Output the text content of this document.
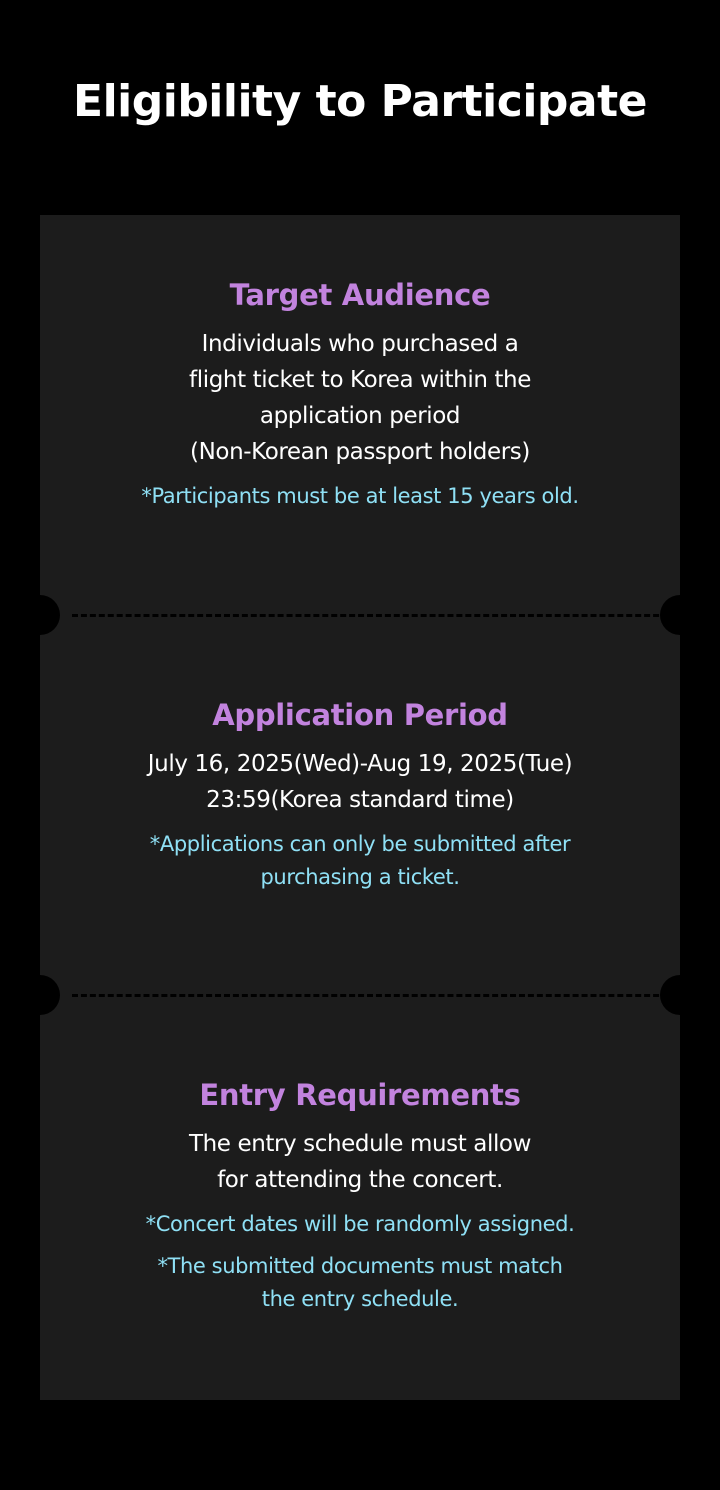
Eligibility to Participate
Target Audience
Individuals who purchased a
flight ticket to Korea within the
application period
(Non-Korean passport holders)
*Participants must be at least 15 years old.
Application Period
July 16, 2025(Wed)-Aug 19, 2025(Tue)
23:59(Korea standard time)
*Applications can only be submitted after
purchasing a ticket.
Entry Requirements
The entry schedule must allow
for attending the concert.
*Concert dates will be randomly assigned.
*The submitted documents must match
the entry schedule.
